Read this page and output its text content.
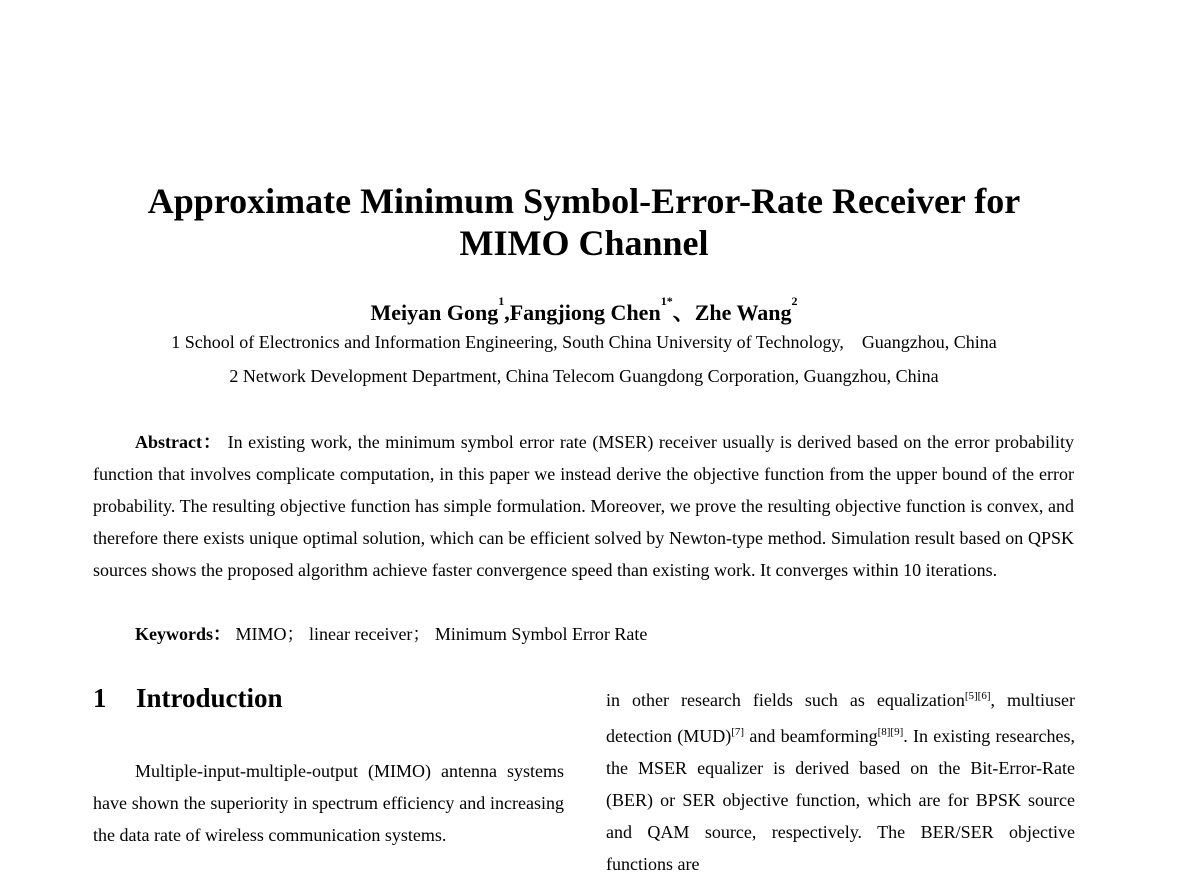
Approximate Minimum Symbol-Error-Rate Receiver for
MIMO Channel
Meiyan Gong$^1$,Fangjiong Chen$^{1*}$、Zhe Wang$^2$
1 School of Electronics and Information Engineering, South China University of Technology,    Guangzhou, China
2 Network Development Department, China Telecom Guangdong Corporation, Guangzhou, China
Abstract： In existing work, the minimum symbol error rate (MSER) receiver usually is derived based on the error probability function that involves complicate computation, in this paper we instead derive the objective function from the upper bound of the error probability. The resulting objective function has simple formulation. Moreover, we prove the resulting objective function is convex, and therefore there exists unique optimal solution, which can be efficient solved by Newton-type method. Simulation result based on QPSK sources shows the proposed algorithm achieve faster convergence speed than existing work. It converges within 10 iterations.
Keywords： MIMO； linear receiver； Minimum Symbol Error Rate
1 Introduction
Multiple-input-multiple-output (MIMO) antenna systems have shown the superiority in spectrum efficiency and increasing the data rate of wireless communication systems.
in other research fields such as equalization[5][6], multiuser detection (MUD)[7] and beamforming[8][9]. In existing researches, the MSER equalizer is derived based on the Bit-Error-Rate (BER) or SER objective function, which are for BPSK source and QAM source, respectively. The BER/SER objective functions are
